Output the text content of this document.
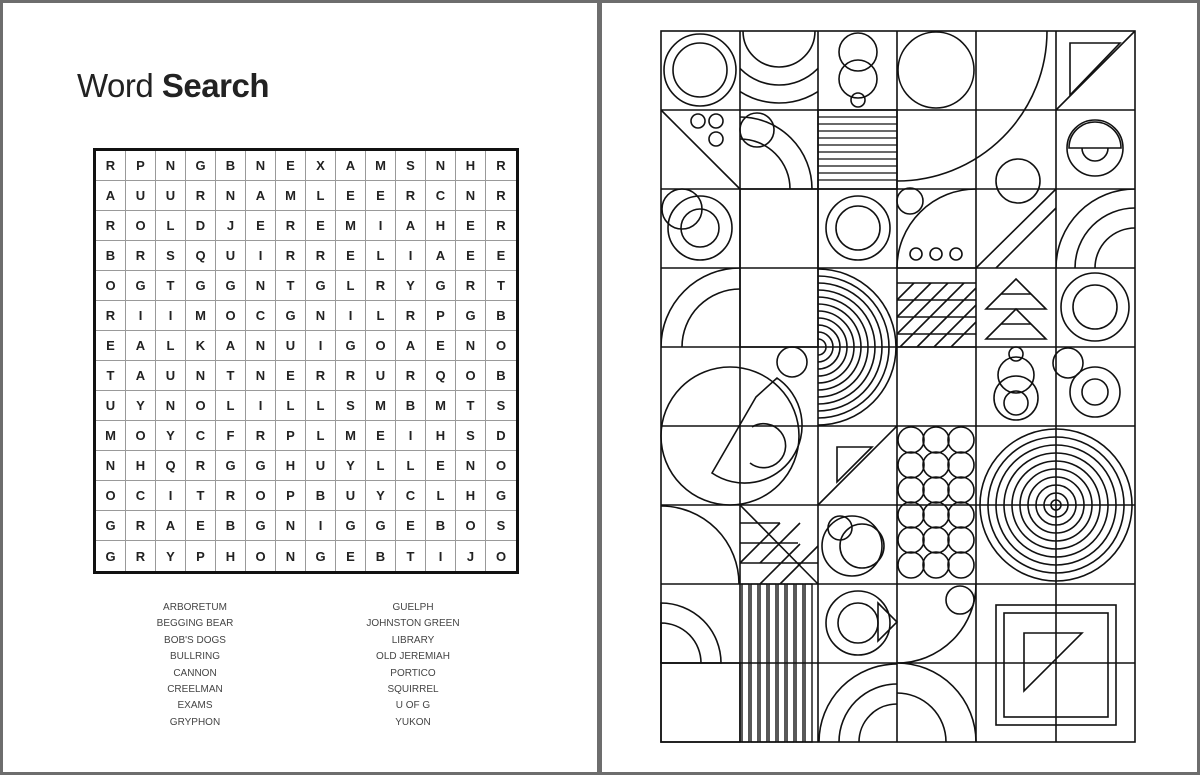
Word Search
R	P	N	G	B	N	E	X	A	M	S	N	H	R
A	U	U	R	N	A	M	L	E	E	R	C	N	R
R	O	L	D	J	E	R	E	M	I	A	H	E	R
B	R	S	Q	U	I	R	R	E	L	I	A	E	E
O	G	T	G	G	N	T	G	L	R	Y	G	R	T
R	I	I	M	O	C	G	N	I	L	R	P	G	B
E	A	L	K	A	N	U	I	G	O	A	E	N	O
T	A	U	N	T	N	E	R	R	U	R	Q	O	B
U	Y	N	O	L	I	L	L	S	M	B	M	T	S
M	O	Y	C	F	R	P	L	M	E	I	H	S	D
N	H	Q	R	G	G	H	U	Y	L	L	E	N	O
O	C	I	T	R	O	P	B	U	Y	C	L	H	G
G	R	A	E	B	G	N	I	G	G	E	B	O	S
G	R	Y	P	H	O	N	G	E	B	T	I	J	O
ARBORETUM
BEGGING BEAR
BOB'S DOGS
BULLRING
CANNON
CREELMAN
EXAMS
GRYPHON
GUELPH
JOHNSTON GREEN
LIBRARY
OLD JEREMIAH
PORTICO
SQUIRREL
U OF G
YUKON
